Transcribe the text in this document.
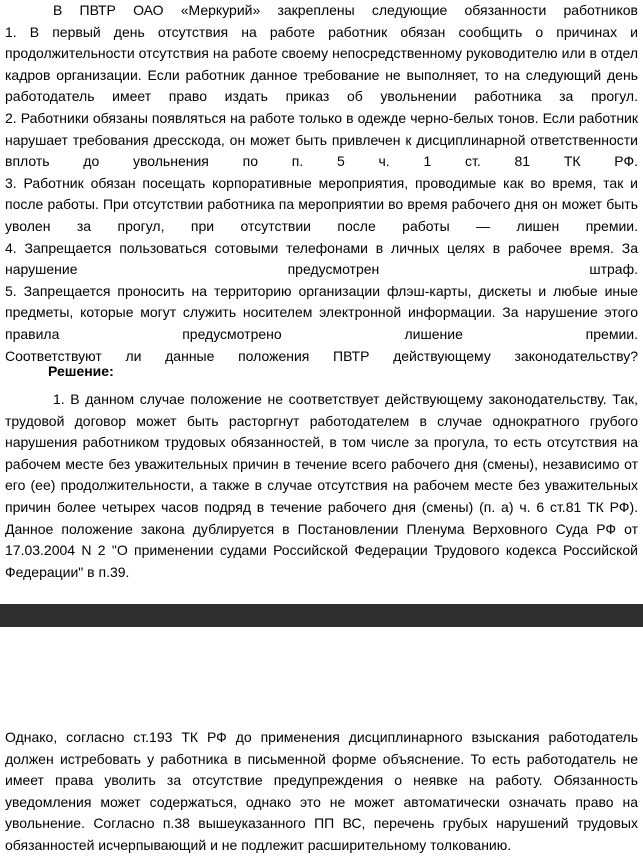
В ПВТР ОАО «Меркурий» закреплены следующие обязанности работников

1. В первый день отсутствия на работе работник обязан сообщить о причинах и продолжительности отсутствия на работе своему непосредственному руководителю или в отдел кадров организации. Если работник данное требование не выполняет, то на следующий день работодатель имеет право издать приказ об увольнении работника за прогул.

2. Работники обязаны появляться на работе только в одежде черно-белых тонов. Если работник нарушает требования дресскода, он может быть привлечен к дисциплинарной ответственности вплоть до увольнения по п. 5 ч. 1 ст. 81 ТК РФ.

3. Работник обязан посещать корпоративные мероприятия, проводимые как во время, так и после работы. При отсутствии работника па мероприятии во время рабочего дня он может быть уволен за прогул, при отсутствии после работы — лишен премии.

4. Запрещается пользоваться сотовыми телефонами в личных целях в рабочее время. За нарушение предусмотрен штраф.

5. Запрещается проносить на территорию организации флэш-карты, дискеты и любые иные предметы, которые могут служить носителем электронной информации. За нарушение этого правила предусмотрено лишение премии.

Соответствуют ли данные положения ПВТР действующему законодательству?

Решение:

1. В данном случае положение не соответствует действующему законодательству. Так, трудовой договор может быть расторгнут работодателем в случае однократного грубого нарушения работником трудовых обязанностей, в том числе за прогула, то есть отсутствия на рабочем месте без уважительных причин в течение всего рабочего дня (смены), независимо от его (ее) продолжительности, а также в случае отсутствия на рабочем месте без уважительных причин более четырех часов подряд в течение рабочего дня (смены) (п. а) ч. 6 ст.81 ТК РФ). Данное положение закона дублируется в Постановлении Пленума Верховного Суда РФ от 17.03.2004 N 2 "О применении судами Российской Федерации Трудового кодекса Российской Федерации" в п.39.

Однако, согласно ст.193 ТК РФ до применения дисциплинарного взыскания работодатель должен истребовать у работника в письменной форме объяснение. То есть работодатель не имеет права уволить за отсутствие предупреждения о неявке на работу. Обязанность уведомления может содержаться, однако это не может автоматически означать право на увольнение. Согласно п.38 вышеуказанного ПП ВС, перечень грубых нарушений трудовых обязанностей исчерпывающий и не подлежит расширительному толкованию.
